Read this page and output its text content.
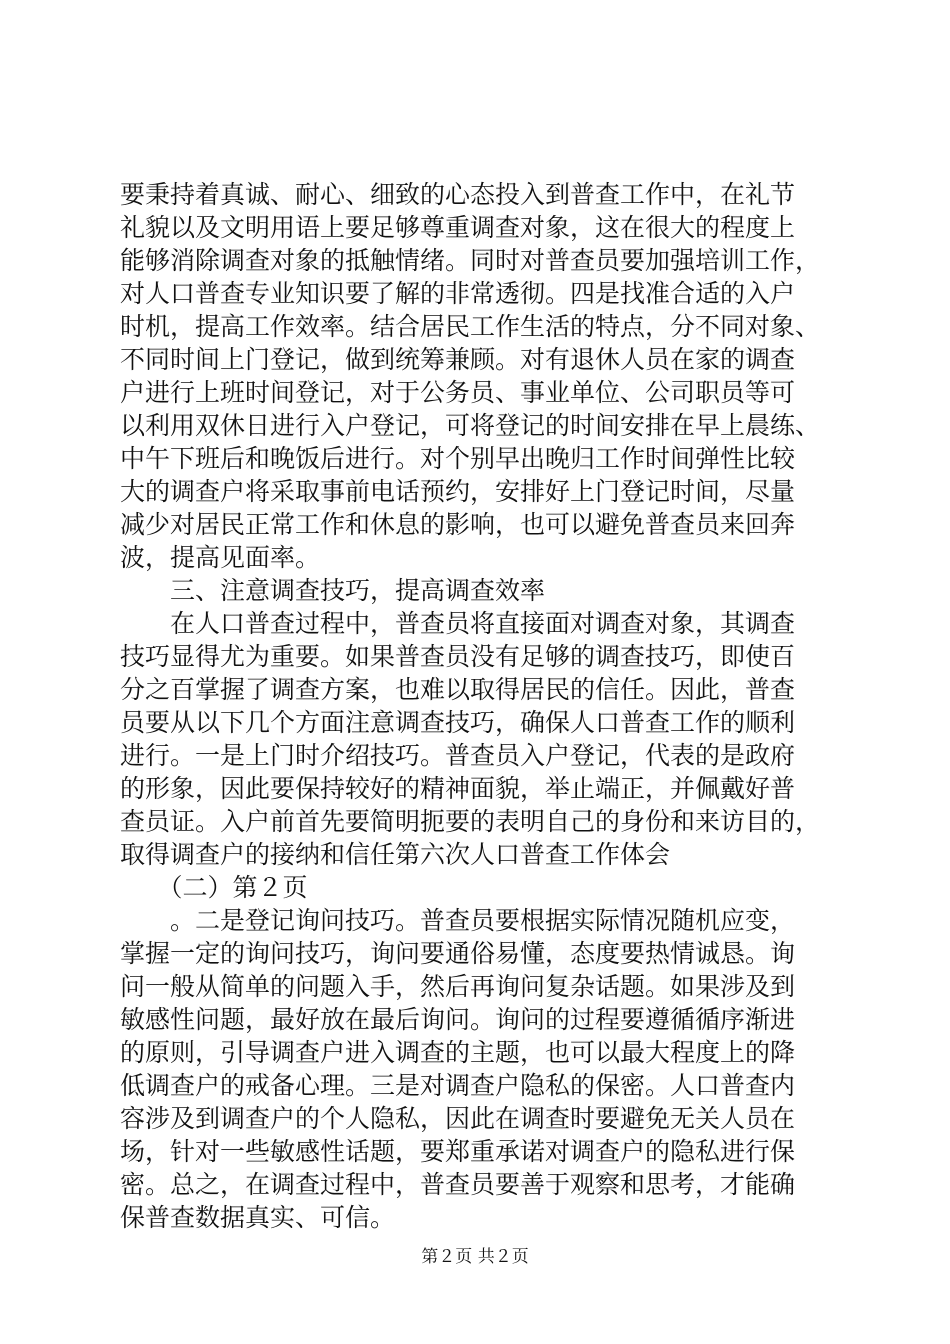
要秉持着真诚、耐心、细致的心态投入到普查工作中，在礼节
礼貌以及文明用语上要足够尊重调查对象，这在很大的程度上
能够消除调查对象的抵触情绪。同时对普查员要加强培训工作，
对人口普查专业知识要了解的非常透彻。四是找准合适的入户
时机，提高工作效率。结合居民工作生活的特点，分不同对象、
不同时间上门登记，做到统筹兼顾。对有退休人员在家的调查
户进行上班时间登记，对于公务员、事业单位、公司职员等可
以利用双休日进行入户登记，可将登记的时间安排在早上晨练、
中午下班后和晚饭后进行。对个别早出晚归工作时间弹性比较
大的调查户将采取事前电话预约，安排好上门登记时间，尽量
减少对居民正常工作和休息的影响，也可以避免普查员来回奔
波，提高见面率。
　　三、注意调查技巧，提高调查效率
　　在人口普查过程中，普查员将直接面对调查对象，其调查
技巧显得尤为重要。如果普查员没有足够的调查技巧，即使百
分之百掌握了调查方案，也难以取得居民的信任。因此，普查
员要从以下几个方面注意调查技巧，确保人口普查工作的顺利
进行。一是上门时介绍技巧。普查员入户登记，代表的是政府
的形象，因此要保持较好的精神面貌，举止端正，并佩戴好普
查员证。入户前首先要简明扼要的表明自己的身份和来访目的，
取得调查户的接纳和信任第六次人口普查工作体会
　　（二）第２页
　　。二是登记询问技巧。普查员要根据实际情况随机应变，
掌握一定的询问技巧，询问要通俗易懂，态度要热情诚恳。询
问一般从简单的问题入手，然后再询问复杂话题。如果涉及到
敏感性问题，最好放在最后询问。询问的过程要遵循循序渐进
的原则，引导调查户进入调查的主题，也可以最大程度上的降
低调查户的戒备心理。三是对调查户隐私的保密。人口普查内
容涉及到调查户的个人隐私，因此在调查时要避免无关人员在
场，针对一些敏感性话题，要郑重承诺对调查户的隐私进行保
密。总之，在调查过程中，普查员要善于观察和思考，才能确
保普查数据真实、可信。
第２页 共２页
